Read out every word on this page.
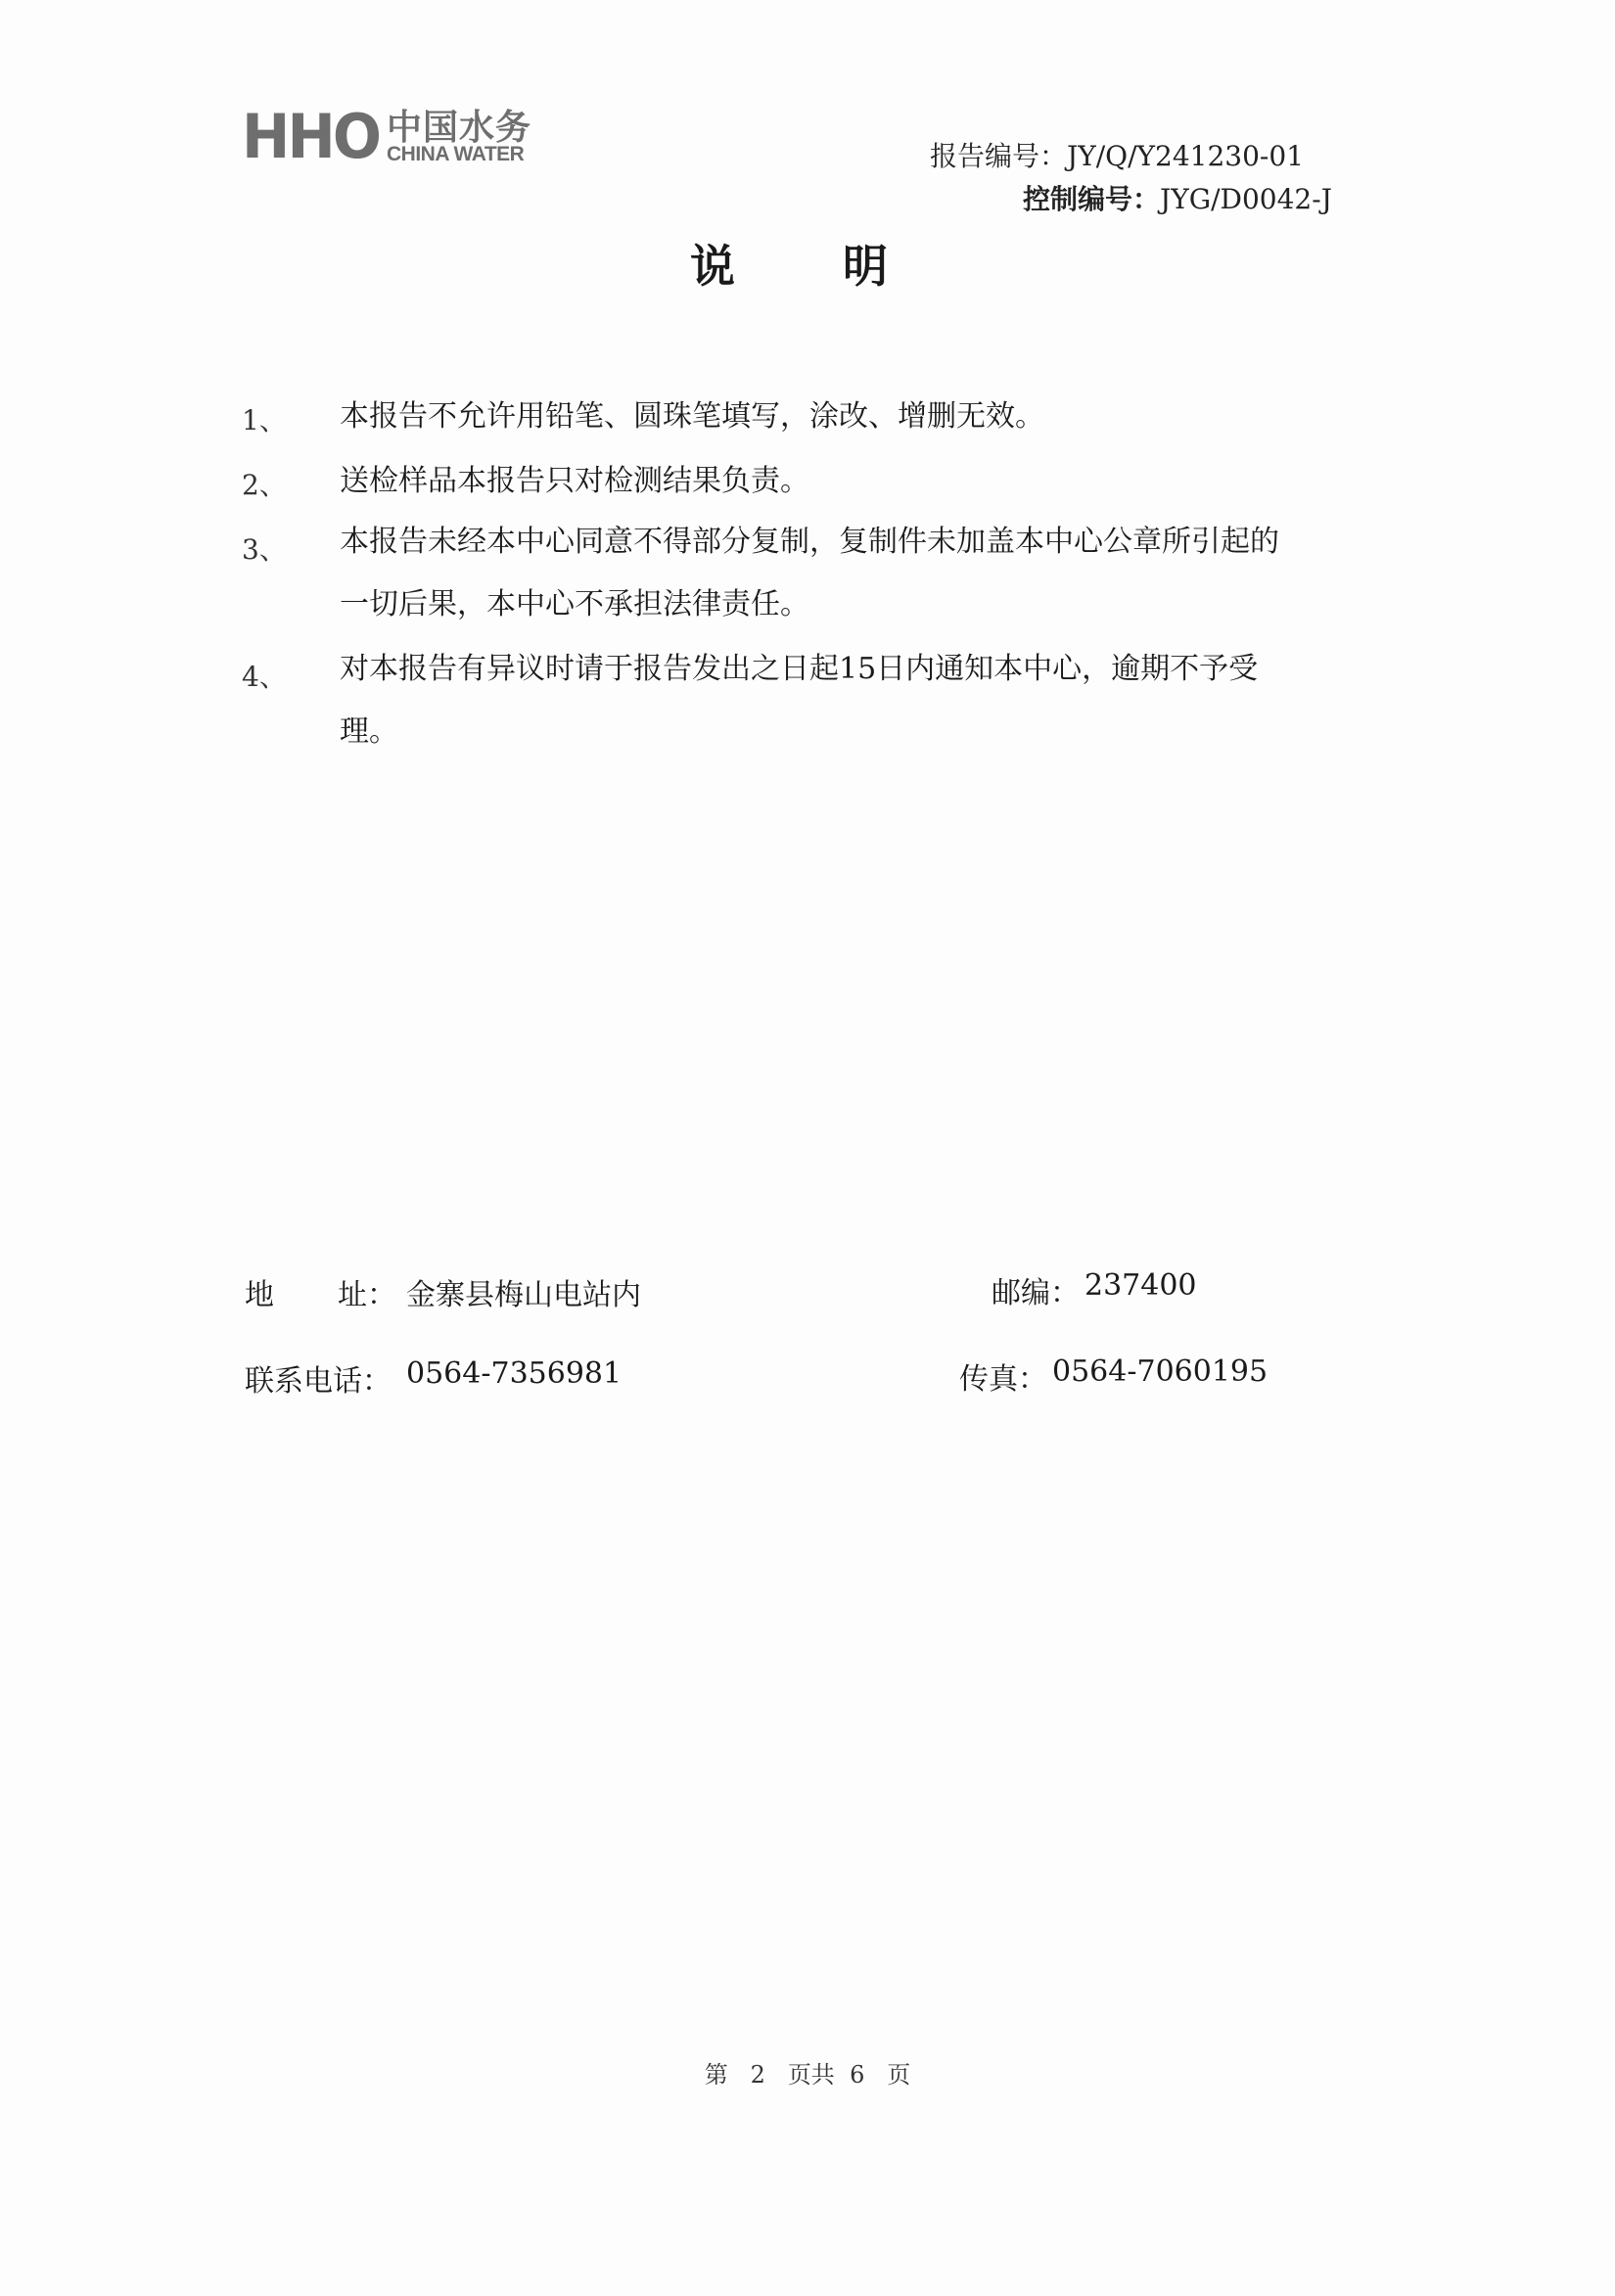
HHO 中国水务
CHINA WATER	报告编号：JY/Q/Y241230-01
控制编号：JYG/D0042-J
说 明
1、 本报告不允许用铅笔、圆珠笔填写，涂改、增删无效。
2、 送检样品本报告只对检测结果负责。
3、 本报告未经本中心同意不得部分复制，复制件未加盖本中心公章所引起的
一切后果，本中心不承担法律责任。
4、 对本报告有异议时请于报告发出之日起15日内通知本中心，逾期不予受
理。
地 址： 金寨县梅山电站内	邮编： 237400
联系电话： 0564-7356981	传真： 0564-7060195
第 2 页共 6 页
